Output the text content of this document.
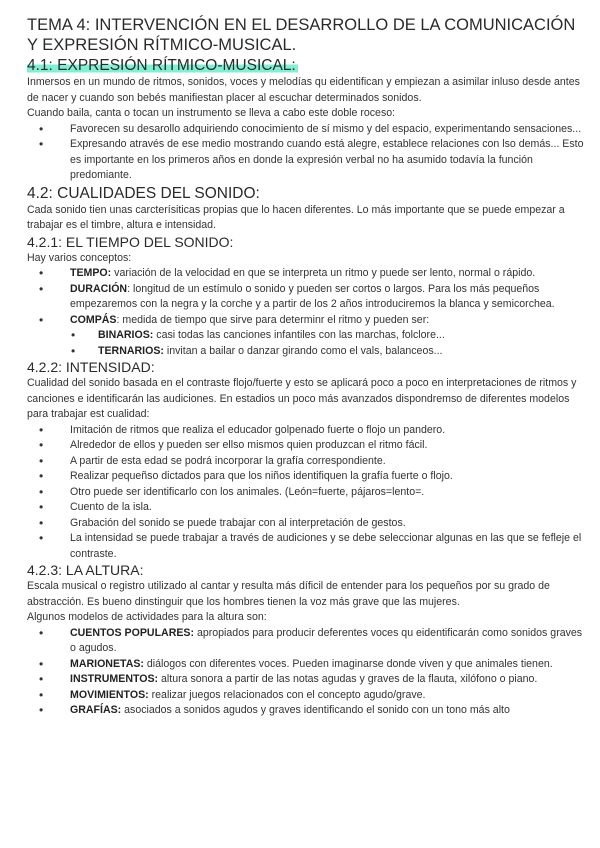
TEMA 4: INTERVENCIÓN EN EL DESARROLLO DE LA COMUNICACIÓN Y EXPRESIÓN RÍTMICO-MUSICAL.
4.1: EXPRESIÓN RÍTMICO-MUSICAL:

Inmersos en un mundo de ritmos, sonidos, voces y melodías qu eidentifican y empiezan a asimilar inluso desde antes de nacer y cuando son bebés manifiestan placer al escuchar determinados sonidos.

Cuando baila, canta o tocan un instrumento se lleva a cabo este doble roceso:

• Favorecen su desarollo adquiriendo conocimiento de sí mismo y del espacio, experimentando sensaciones...
• Expresando através de ese medio mostrando cuando está alegre, establece relaciones con lso demás... Esto es importante en los primeros años en donde la expresión verbal no ha asumido todavía la función predomiante.
4.2: CUALIDADES DEL SONIDO:

Cada sonido tien unas carcterísiticas propias que lo hacen diferentes. Lo más importante que se puede empezar a trabajar es el timbre, altura e intensidad.

4.2.1: EL TIEMPO DEL SONIDO:

Hay varios conceptos:

• TEMPO: variación de la velocidad en que se interpreta un ritmo y puede ser lento, normal o rápido.
• DURACIÓN: longitud de un estímulo o sonido y pueden ser cortos o largos. Para los más pequeños empezaremos con la negra y la corche y a partir de los 2 años introduciremos la blanca y semicorchea.
• COMPÁS: medida de tiempo que sirve para determinr el ritmo y pueden ser:
• BINARIOS: casi todas las canciones infantiles con las marchas, folclore...
• TERNARIOS: invitan a bailar o danzar girando como el vals, balanceos...
4.2.2: INTENSIDAD:

Cualidad del sonido basada en el contraste flojo/fuerte y esto se aplicará poco a poco en interpretaciones de ritmos y canciones e identificarán las audiciones. En estadios un poco más avanzados dispondremso de diferentes modelos para trabajar est cualidad:

• Imitación de ritmos que realiza el educador golpenado fuerte o flojo un pandero.
• Alrededor de ellos y pueden ser ellso mismos quien produzcan el ritmo fácil.
• A partir de esta edad se podrá incorporar la grafía correspondiente.
• Realizar pequeñso dictados para que los niños identifiquen la grafía fuerte o flojo.
• Otro puede ser identificarlo con los animales. (León=fuerte, pájaros=lento=.
• Cuento de la isla.
• Grabación del sonido se puede trabajar con al interpretación de gestos.
• La intensidad se puede trabajar a través de audiciones y se debe seleccionar algunas en las que se fefleje el contraste.
4.2.3: LA ALTURA:

Escala musical o registro utilizado al cantar y resulta más díficil de entender para los pequeños por su grado de abstracción. Es bueno dinstinguir que los hombres tienen la voz más grave que las mujeres.

Algunos modelos de actividades para la altura son:

• CUENTOS POPULARES: apropiados para producir deferentes voces qu eidentificarán como sonidos graves o agudos.
• MARIONETAS: diálogos con diferentes voces. Pueden imaginarse donde viven y que animales tienen.
• INSTRUMENTOS: altura sonora a partir de las notas agudas y graves de la flauta, xilófono o piano.
• MOVIMIENTOS: realizar juegos relacionados con el concepto agudo/grave.
• GRAFÍAS: asociados a sonidos agudos y graves identificando el sonido con un tono más alto
